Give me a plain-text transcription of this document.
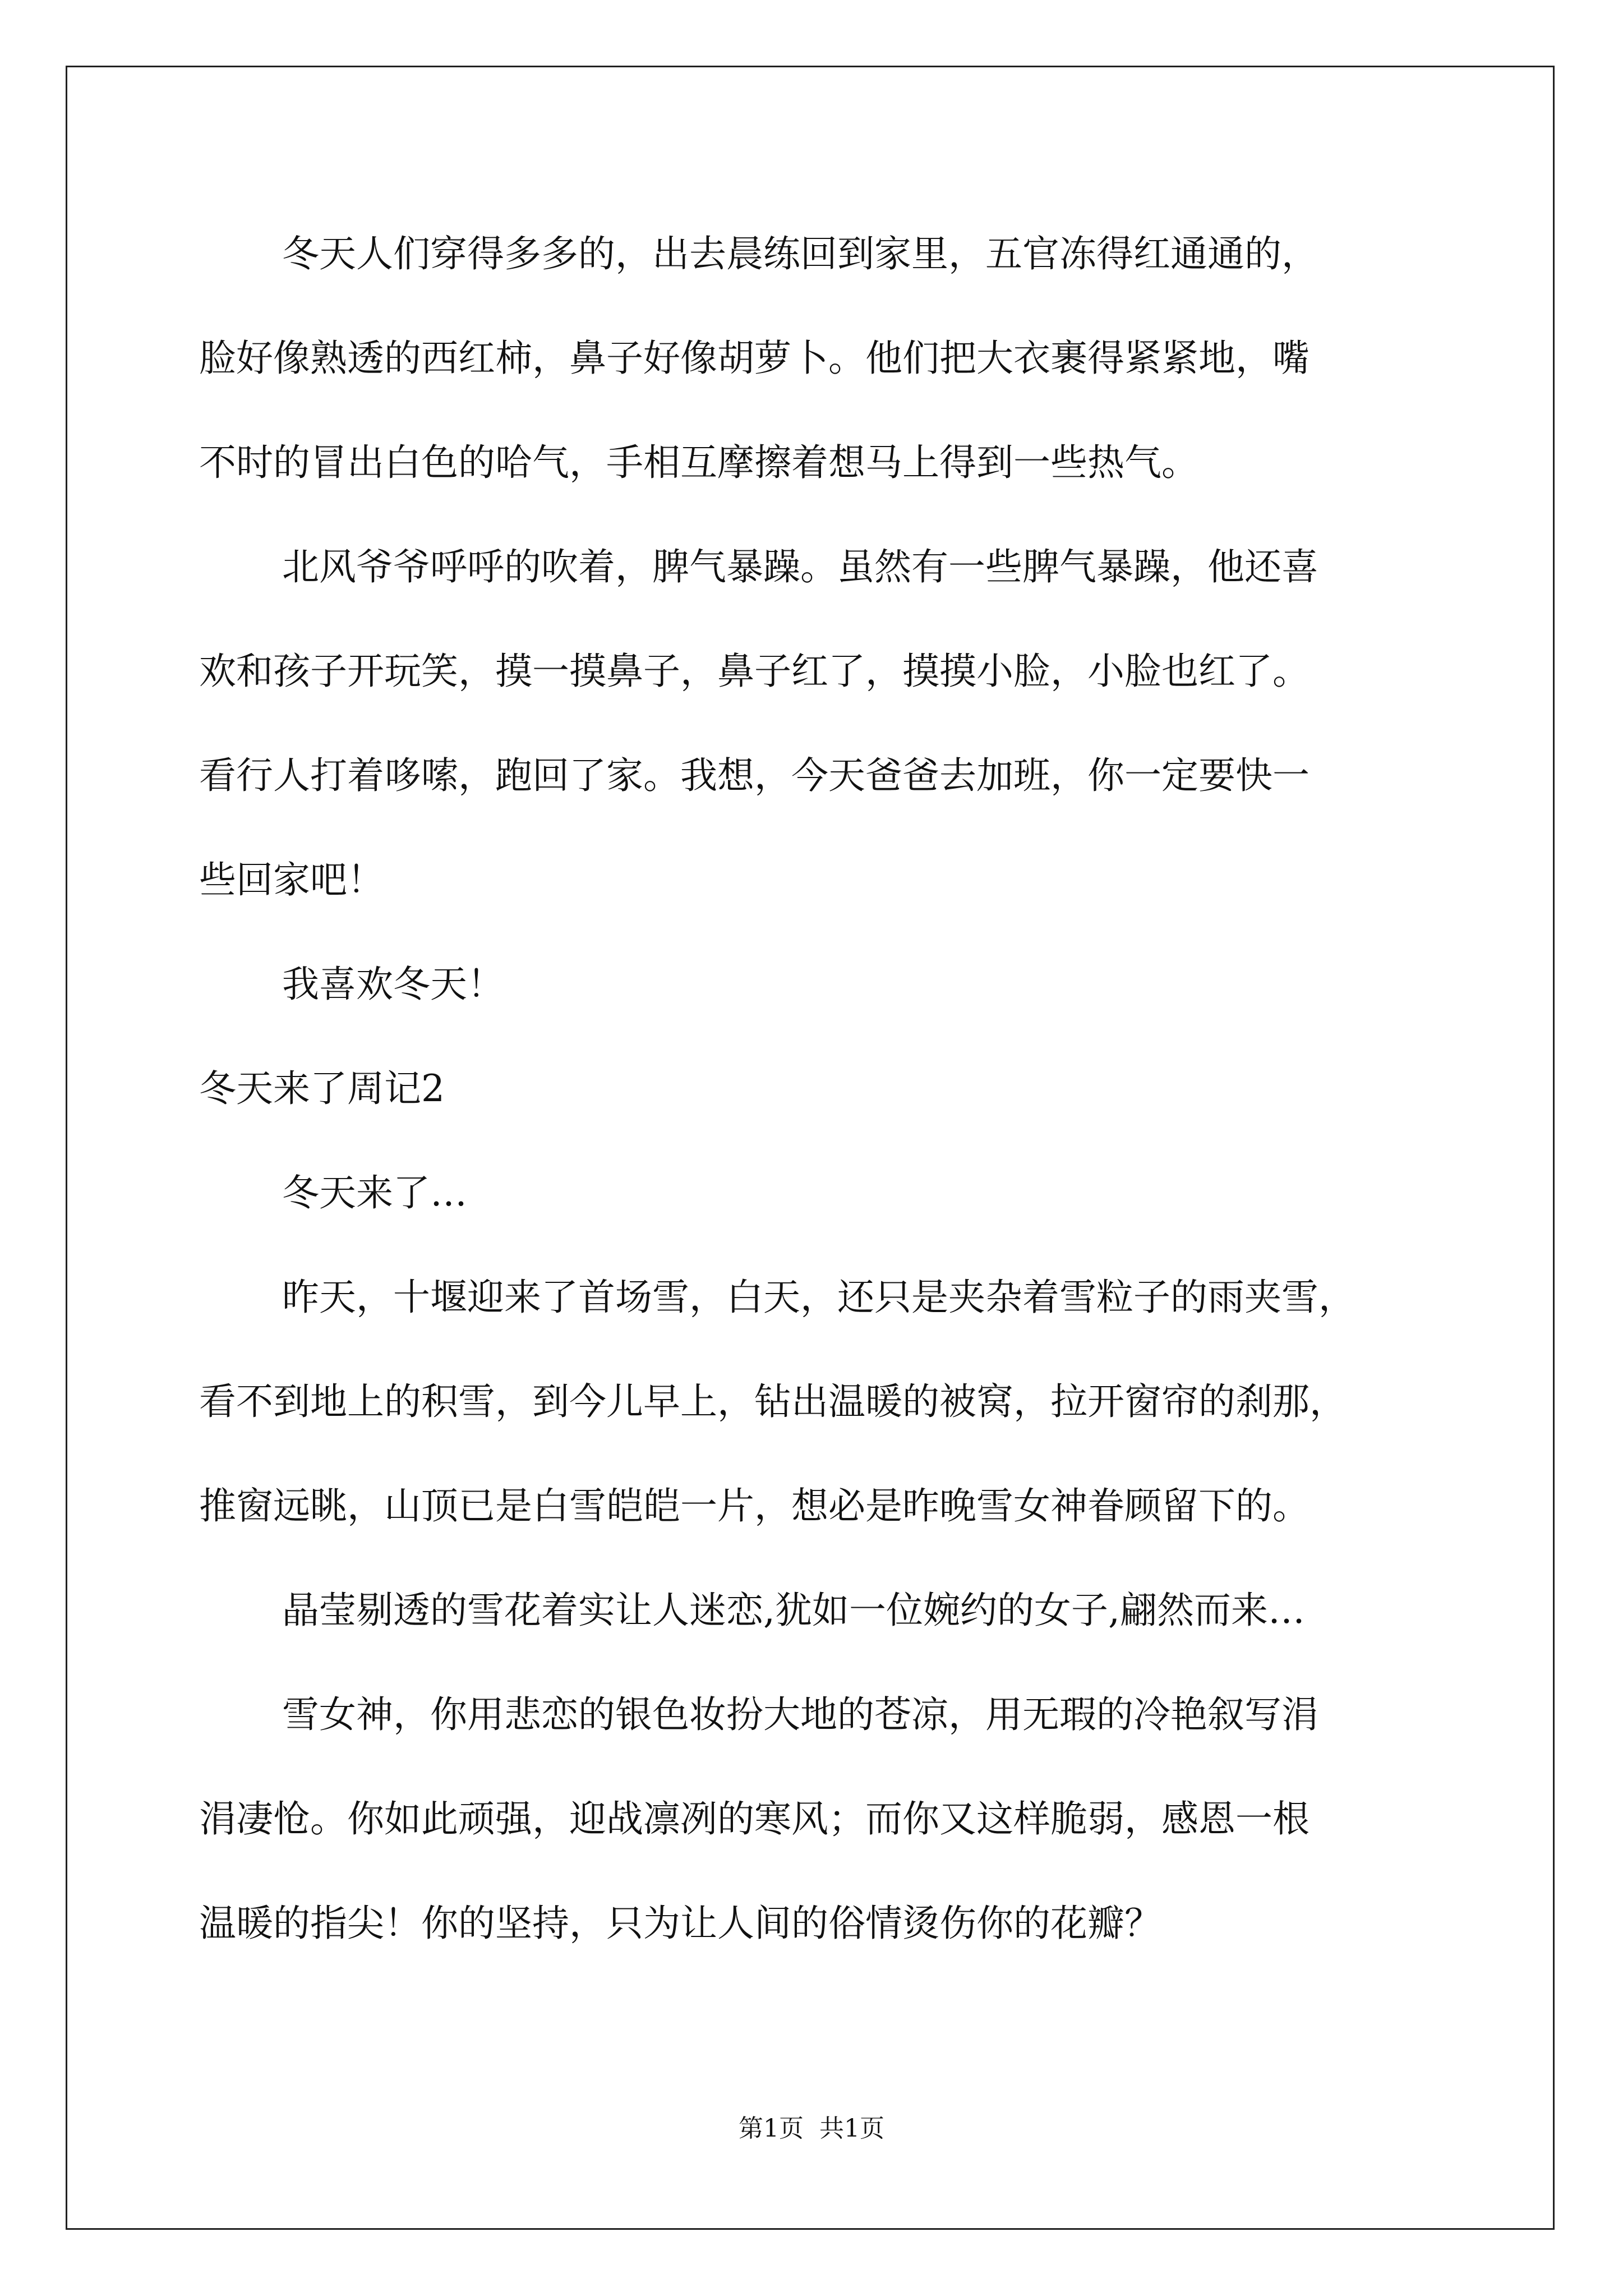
冬天人们穿得多多的，出去晨练回到家里，五官冻得红通通的，
脸好像熟透的西红柿，鼻子好像胡萝卜。他们把大衣裹得紧紧地，嘴
不时的冒出白色的哈气，手相互摩擦着想马上得到一些热气。
北风爷爷呼呼的吹着，脾气暴躁。虽然有一些脾气暴躁，他还喜
欢和孩子开玩笑，摸一摸鼻子，鼻子红了，摸摸小脸，小脸也红了。
看行人打着哆嗦，跑回了家。我想，今天爸爸去加班，你一定要快一
些回家吧！
我喜欢冬天！
冬天来了周记2
冬天来了…
昨天，十堰迎来了首场雪，白天，还只是夹杂着雪粒子的雨夹雪，
看不到地上的积雪，到今儿早上，钻出温暖的被窝，拉开窗帘的刹那，
推窗远眺，山顶已是白雪皑皑一片，想必是昨晚雪女神眷顾留下的。
晶莹剔透的雪花着实让人迷恋,犹如一位婉约的女子,翩然而来…
雪女神，你用悲恋的银色妆扮大地的苍凉，用无瑕的冷艳叙写涓
涓凄怆。你如此顽强，迎战凛冽的寒风；而你又这样脆弱，感恩一根
温暖的指尖！你的坚持，只为让人间的俗情烫伤你的花瓣？
第1页 共1页
